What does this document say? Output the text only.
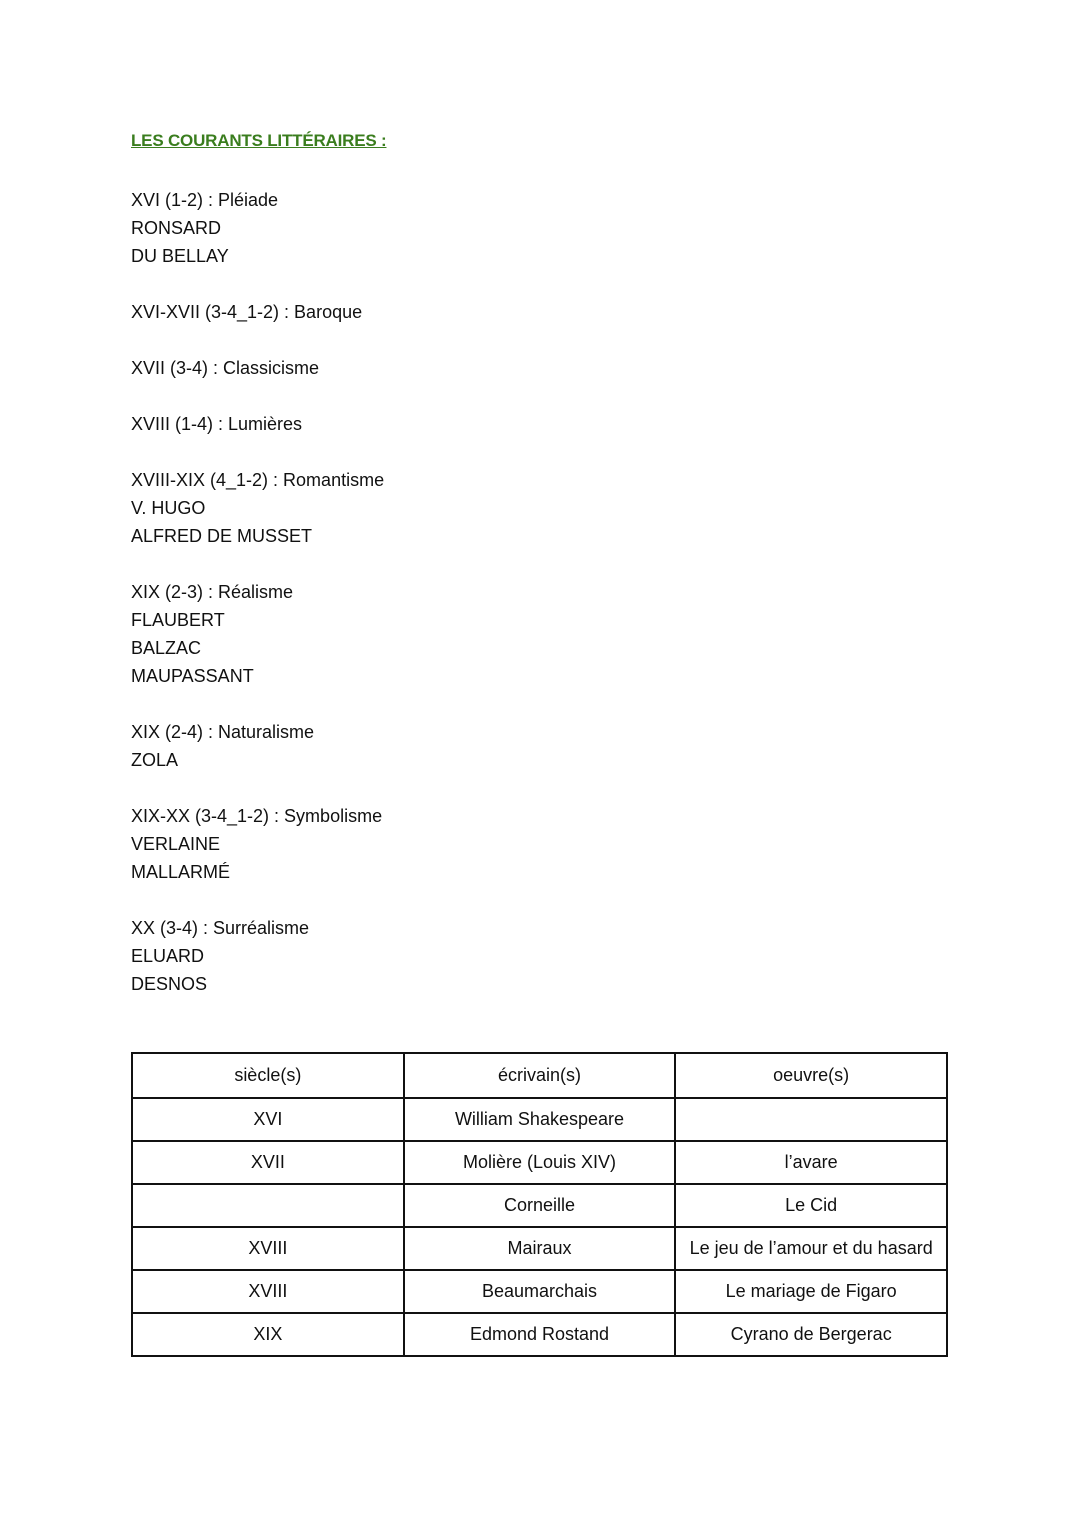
LES COURANTS LITTÉRAIRES :
XVI (1-2) : Pléiade
RONSARD
DU BELLAY
XVI-XVII (3-4_1-2) : Baroque
XVII (3-4) : Classicisme
XVIII (1-4) : Lumières
XVIII-XIX (4_1-2) : Romantisme
V. HUGO
ALFRED DE MUSSET
XIX (2-3) : Réalisme
FLAUBERT
BALZAC
MAUPASSANT
XIX (2-4) : Naturalisme
ZOLA
XIX-XX (3-4_1-2) : Symbolisme
VERLAINE
MALLARMÉ
XX (3-4) : Surréalisme
ELUARD
DESNOS
siècle(s)	écrivain(s)	oeuvre(s)
XVI	William Shakespeare	
XVII	Molière (Louis XIV)	l’avare
	Corneille	Le Cid
XVIII	Mairaux	Le jeu de l’amour et du hasard
XVIII	Beaumarchais	Le mariage de Figaro
XIX	Edmond Rostand	Cyrano de Bergerac
